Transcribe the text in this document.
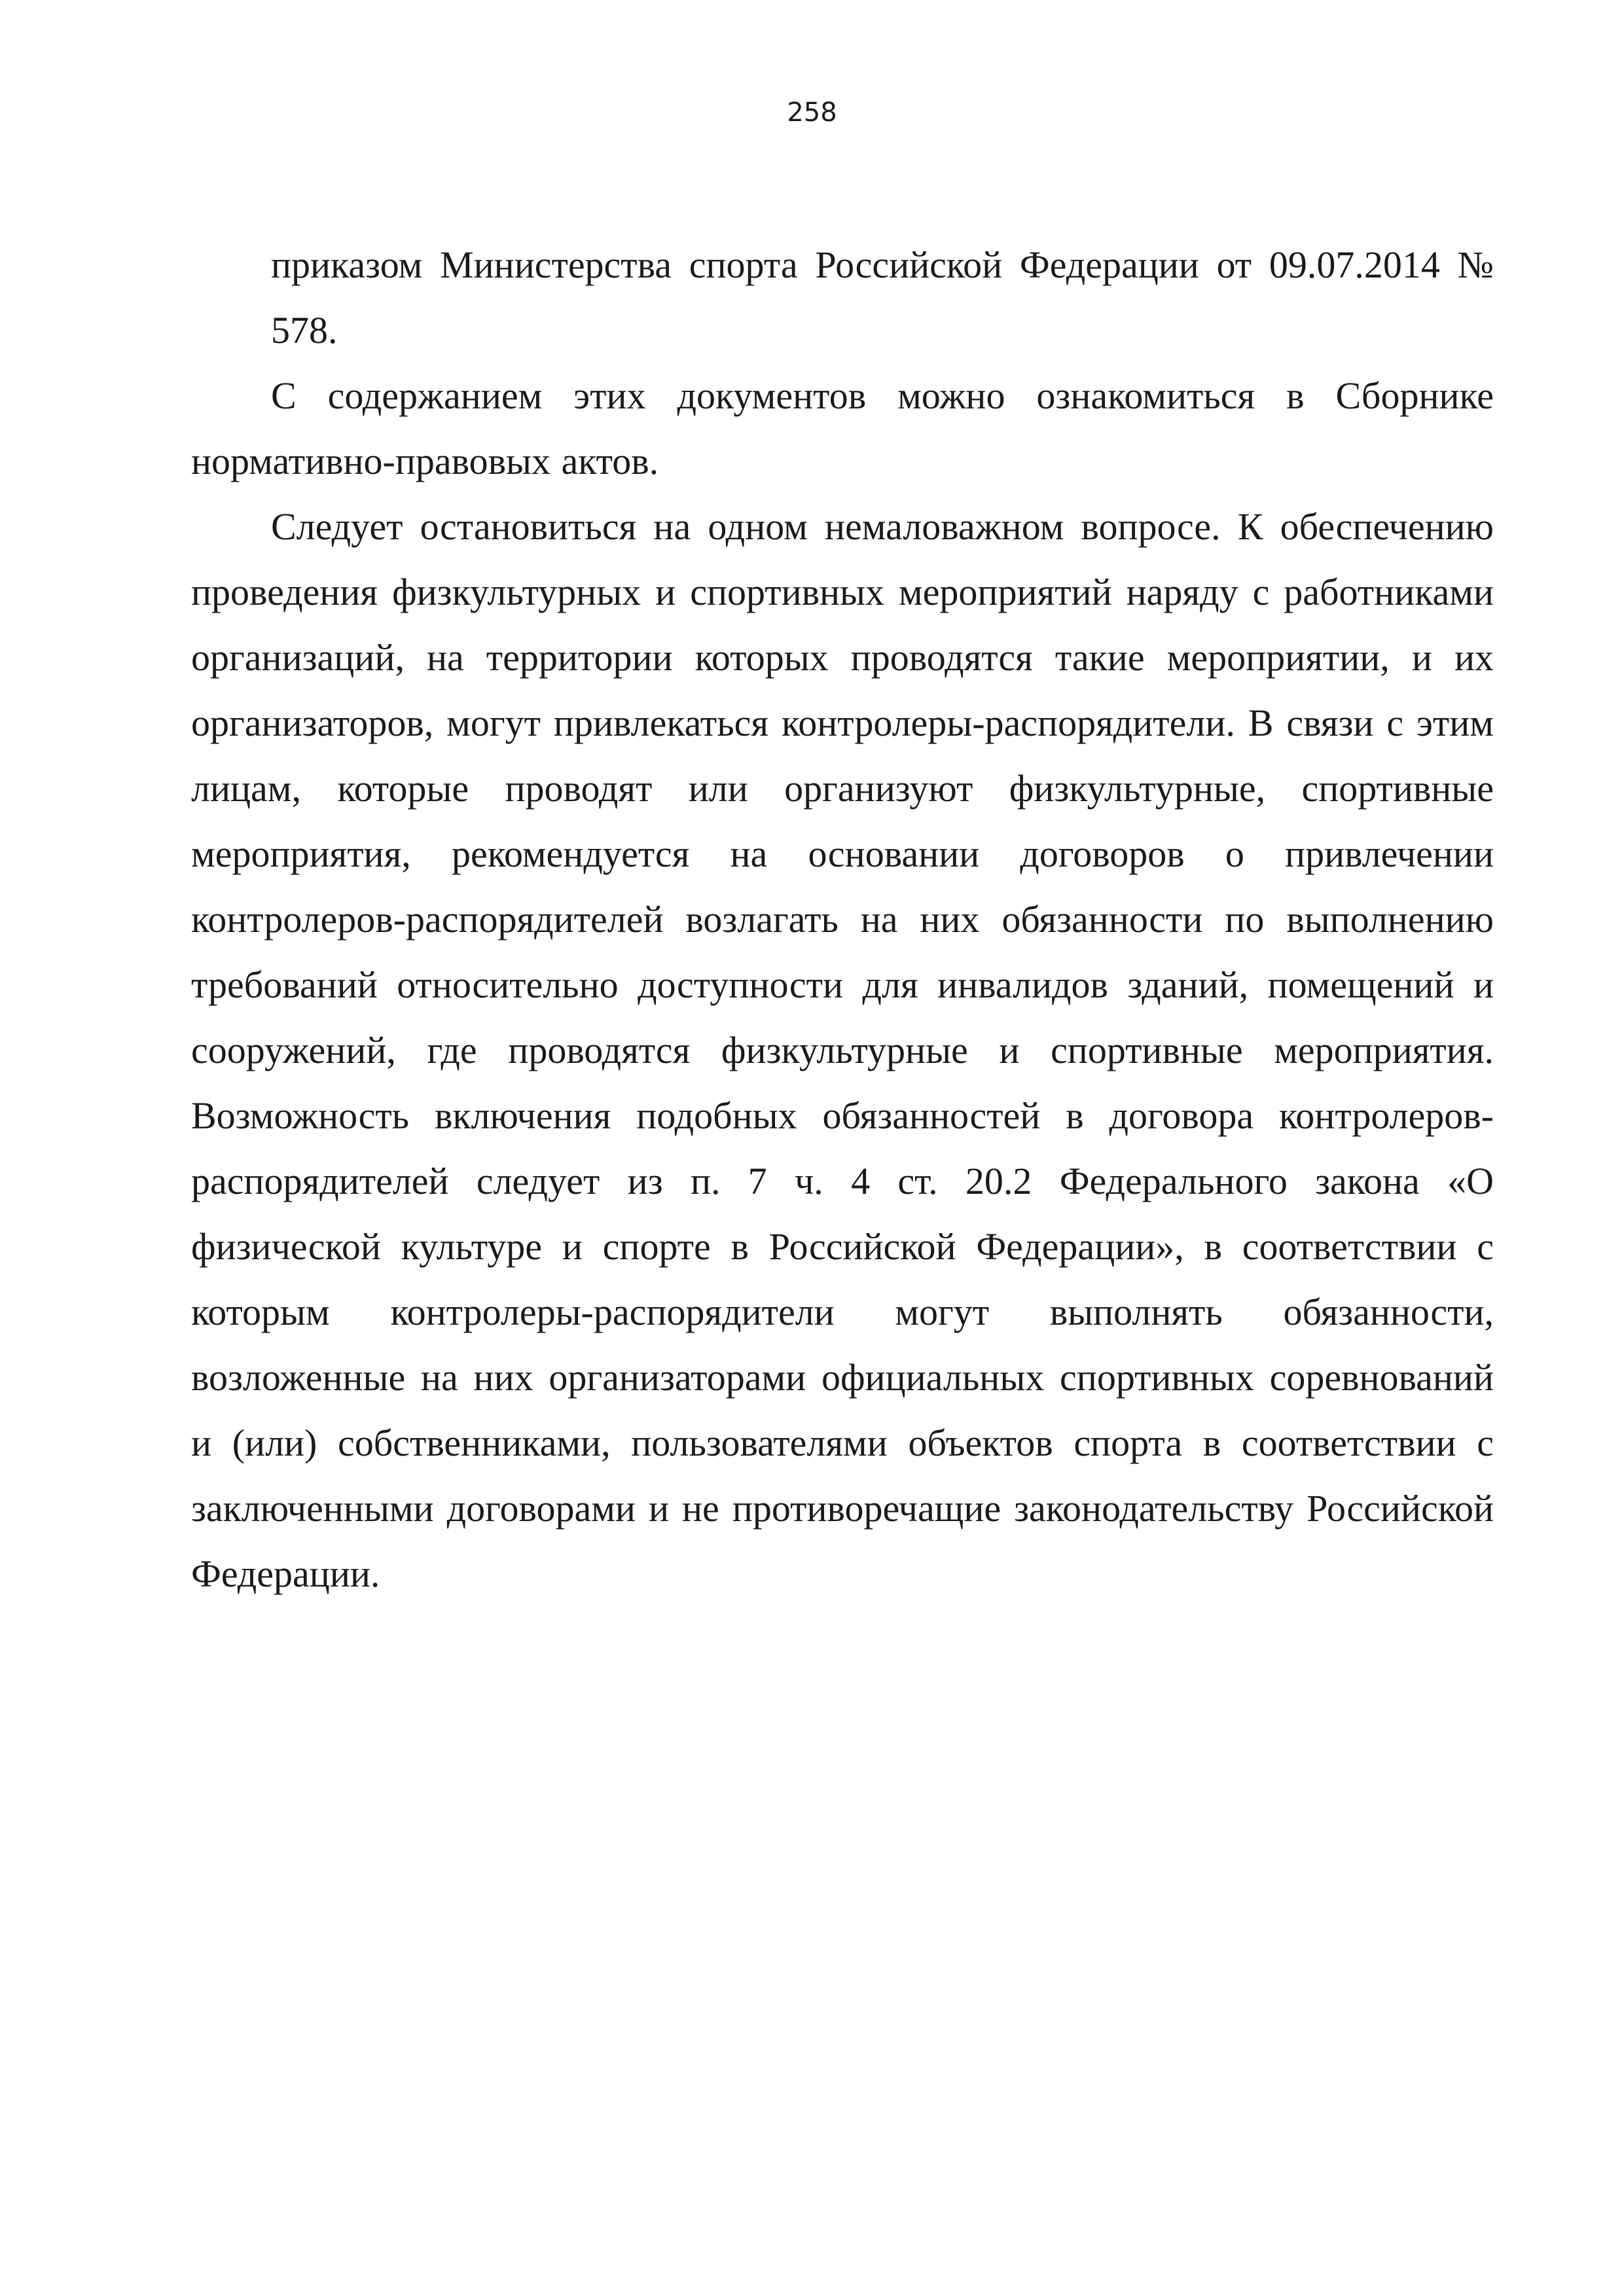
258

приказом Министерства спорта Российской Федерации от 09.07.2014 № 578.

С содержанием этих документов можно ознакомиться в Сборнике нормативно-правовых актов.

Следует остановиться на одном немаловажном вопросе. К обеспечению проведения физкультурных и спортивных мероприятий наряду с работниками организаций, на территории которых проводятся такие мероприятии, и их организаторов, могут привлекаться контролеры-распорядители. В связи с этим лицам, которые проводят или организуют физкультурные, спортивные мероприятия, рекомендуется на основании договоров о привлечении контролеров-распорядителей возлагать на них обязанности по выполнению требований относительно доступности для инвалидов зданий, помещений и сооружений, где проводятся физкультурные и спортивные мероприятия. Возможность включения подобных обязанностей в договора контролеров-распорядителей следует из п. 7 ч. 4 ст. 20.2 Федерального закона «О физической культуре и спорте в Российской Федерации», в соответствии с которым контролеры-распорядители могут выполнять обязанности, возложенные на них организаторами официальных спортивных соревнований и (или) собственниками, пользователями объектов спорта в соответствии с заключенными договорами и не противоречащие законодательству Российской Федерации.
